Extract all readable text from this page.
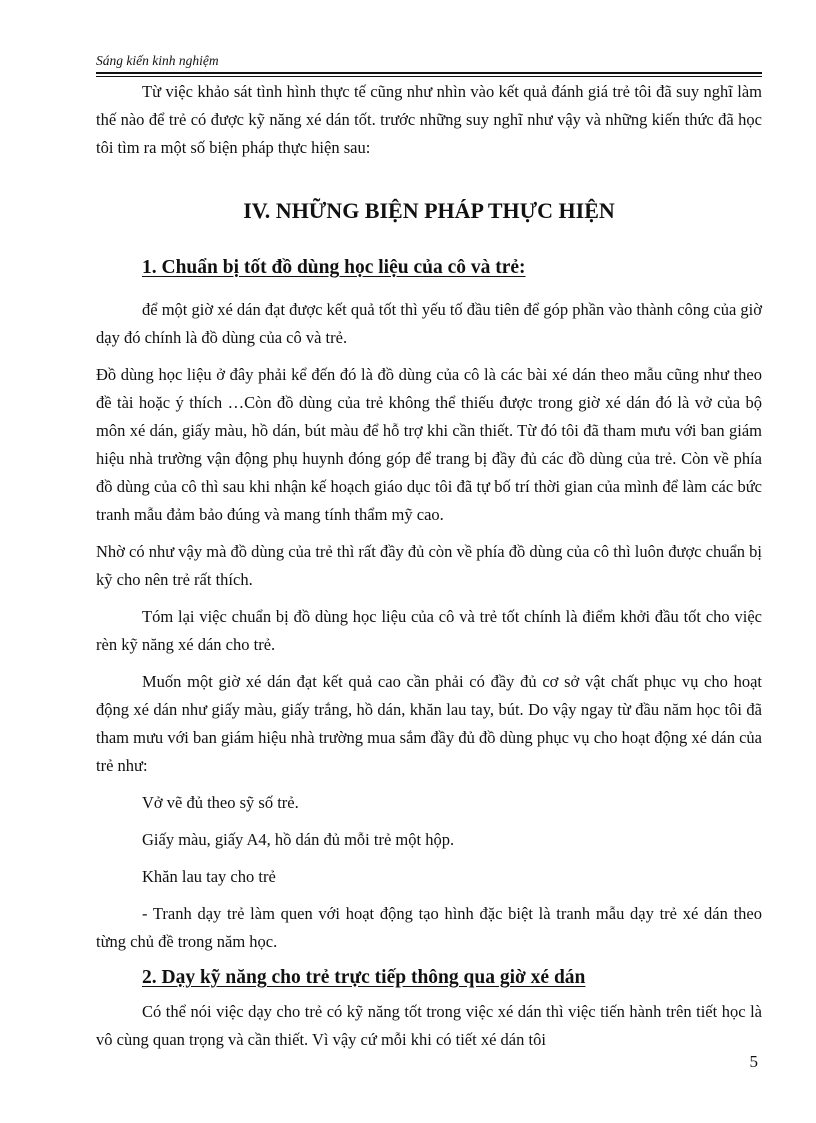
Sáng kiến kinh nghiệm

Từ việc khảo sát tình hình thực tế cũng như nhìn vào kết quả đánh giá trẻ tôi đã suy nghĩ làm thế nào để trẻ có được kỹ năng xé dán tốt. trước những suy nghĩ như vậy và những kiến thức đã học tôi tìm ra một số biện pháp thực hiện sau:

IV. NHỮNG BIỆN PHÁP THỰC HIỆN
1. Chuẩn bị tốt đồ dùng học liệu của cô và trẻ:

để một giờ xé dán đạt được kết quả tốt thì yếu tố đầu tiên để góp phần vào thành công của giờ dạy đó chính là đồ dùng của cô và trẻ.

Đồ dùng học liệu ở đây phải kể đến đó là đồ dùng của cô là các bài xé dán theo mẫu cũng như theo đề tài hoặc ý thích …Còn đồ dùng của trẻ không thể thiếu được trong giờ xé dán đó là vở của bộ môn xé dán, giấy màu, hồ dán, bút màu để hỗ trợ khi cần thiết. Từ đó tôi đã tham mưu với ban giám hiệu nhà trường vận động phụ huynh đóng góp để trang bị đầy đủ các đồ dùng của trẻ. Còn về phía đồ dùng của cô thì sau khi nhận kế hoạch giáo dục tôi đã tự bố trí thời gian của mình để làm các bức tranh mẫu đảm bảo đúng và mang tính thẩm mỹ cao.

Nhờ có như vậy mà đồ dùng của trẻ thì rất đầy đủ còn về phía đồ dùng của cô thì luôn được chuẩn bị kỹ cho nên trẻ rất thích.

Tóm lại việc chuẩn bị đồ dùng học liệu của cô và trẻ tốt chính là điểm khởi đầu tốt cho việc rèn kỹ năng xé dán cho trẻ.

Muốn một giờ xé dán đạt kết quả cao cần phải có đầy đủ cơ sở vật chất phục vụ cho hoạt động xé dán như giấy màu, giấy trắng, hồ dán, khăn lau tay, bút. Do vậy ngay từ đầu năm học tôi đã tham mưu với ban giám hiệu nhà trường mua sắm đầy đủ đồ dùng phục vụ cho hoạt động xé dán của trẻ như:

Vở vẽ đủ theo sỹ số trẻ.

Giấy màu, giấy A4, hồ dán đủ mỗi trẻ một hộp.

Khăn lau tay cho trẻ

- Tranh dạy trẻ làm quen với hoạt động tạo hình đặc biệt là tranh mẫu dạy trẻ xé dán theo từng chủ đề trong năm học.

2. Dạy kỹ năng cho trẻ trực tiếp thông qua giờ xé dán

Có thể nói việc dạy cho trẻ có kỹ năng tốt trong việc xé dán thì việc tiến hành trên tiết học là vô cùng quan trọng và cần thiết. Vì vậy cứ mỗi khi có tiết xé dán tôi

5
